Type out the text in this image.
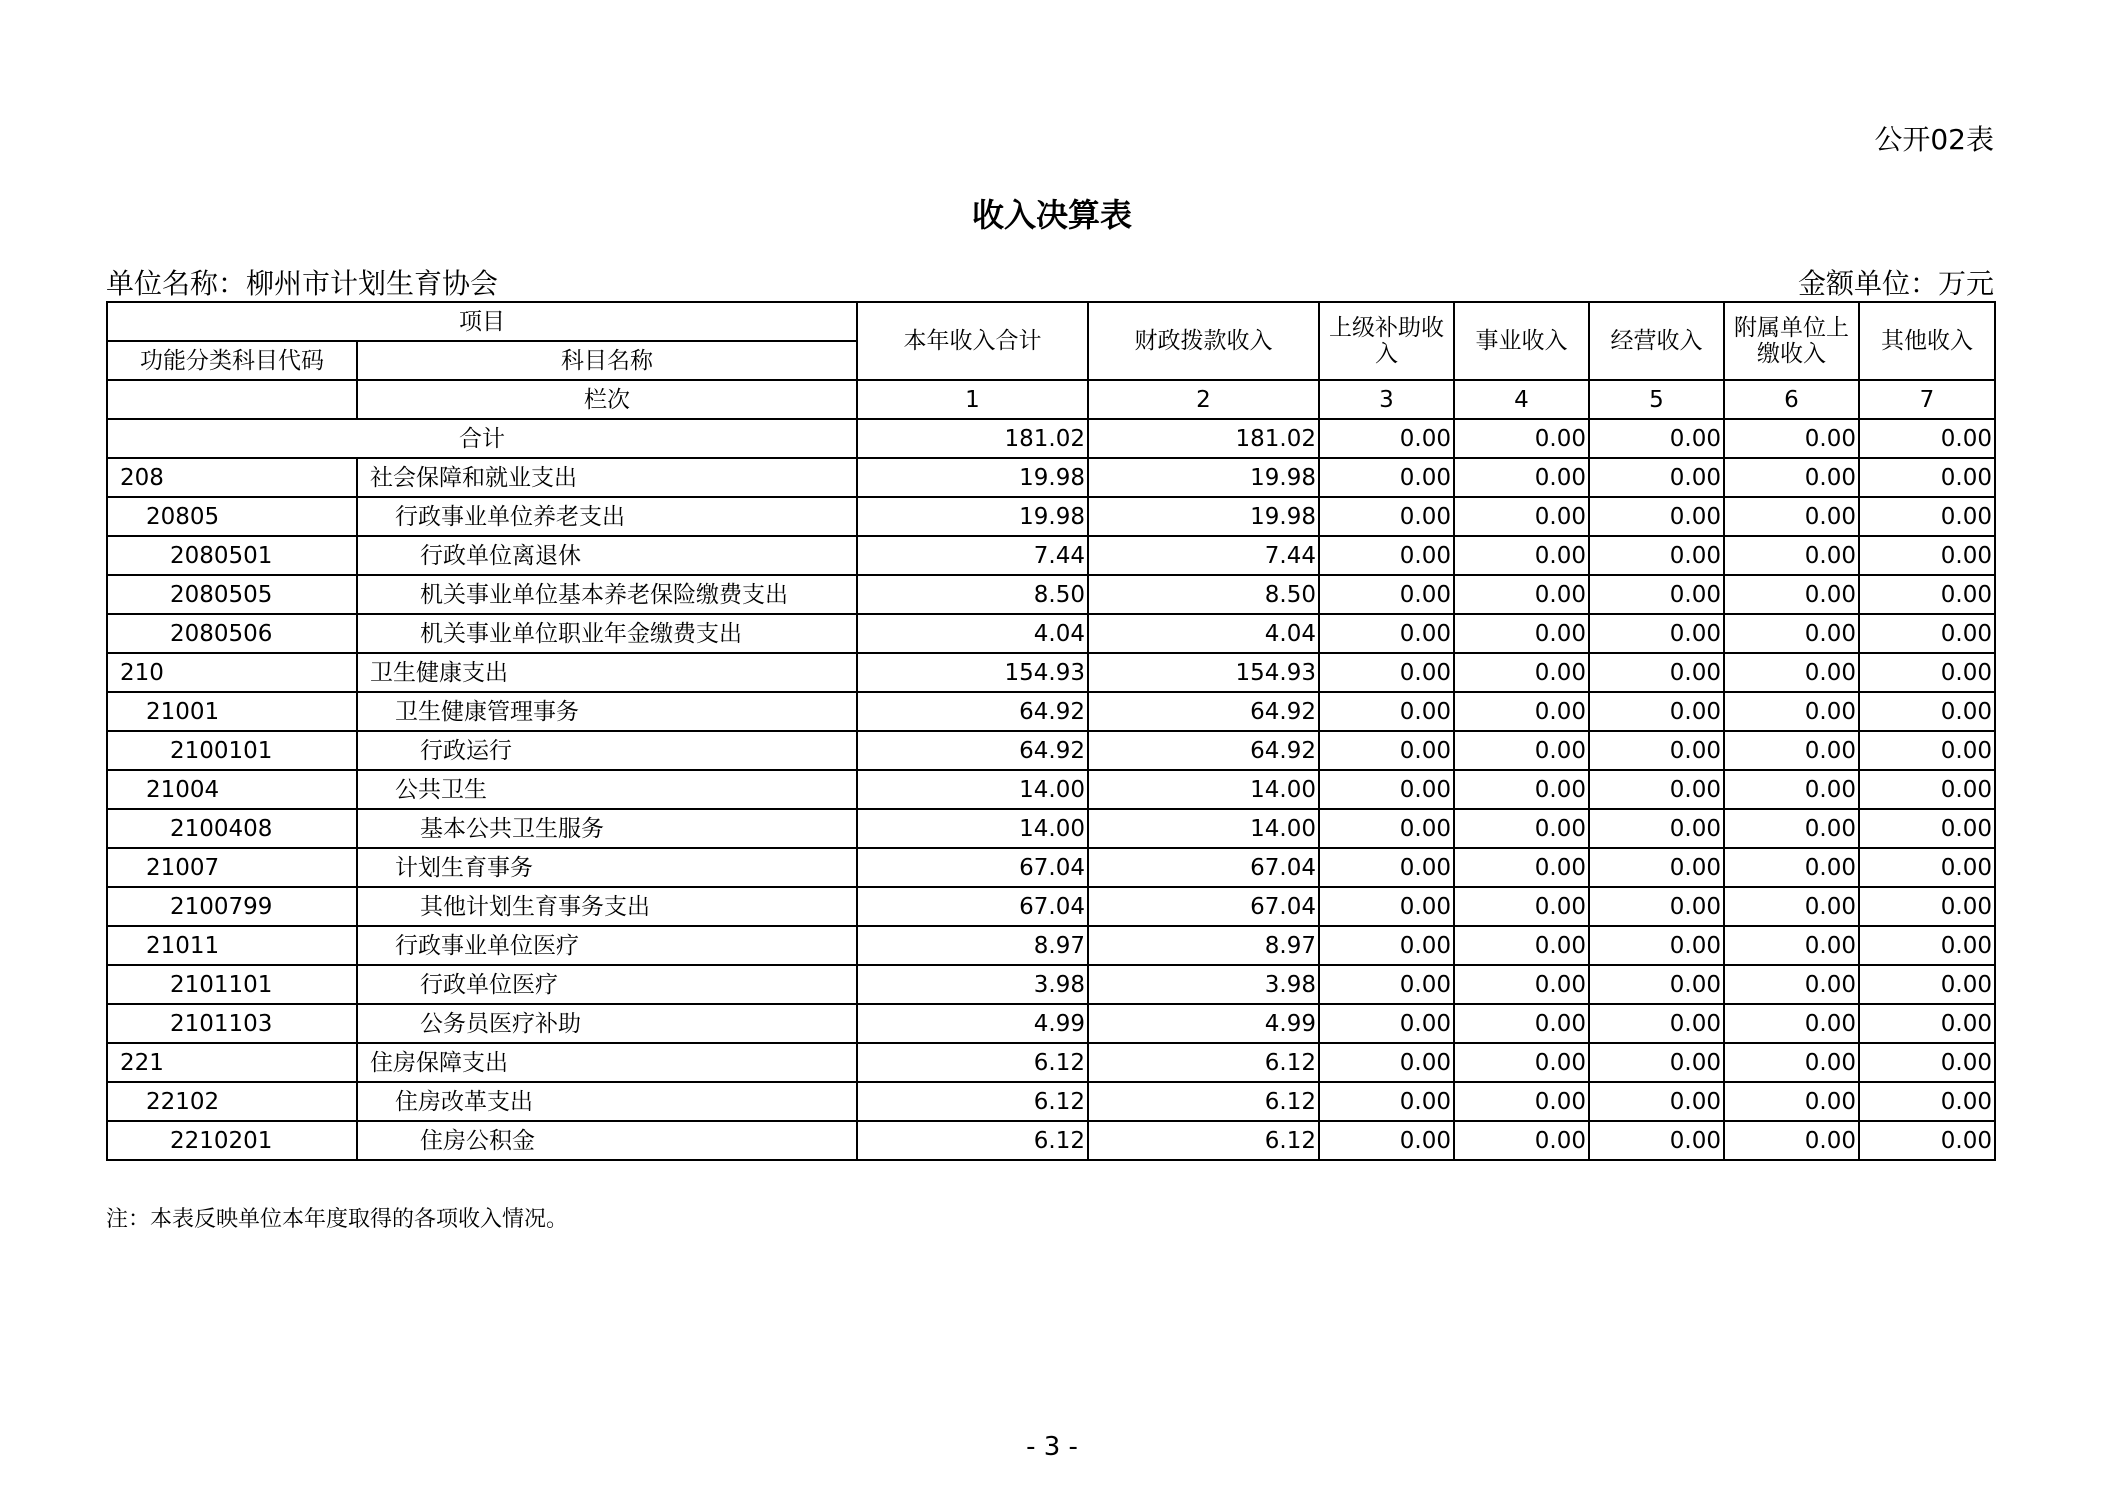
公开02表
收入决算表
单位名称：柳州市计划生育协会	金额单位：万元
项目		本年收入合计	财政拨款收入	上级补助收入	事业收入	经营收入	附属单位上缴收入	其他收入
功能分类科目代码	科目名称							
	栏次	1	2	3	4	5	6	7
合计		181.02	181.02	0.00	0.00	0.00	0.00	0.00
208	社会保障和就业支出	19.98	19.98	0.00	0.00	0.00	0.00	0.00
20805	行政事业单位养老支出	19.98	19.98	0.00	0.00	0.00	0.00	0.00
2080501	行政单位离退休	7.44	7.44	0.00	0.00	0.00	0.00	0.00
2080505	机关事业单位基本养老保险缴费支出	8.50	8.50	0.00	0.00	0.00	0.00	0.00
2080506	机关事业单位职业年金缴费支出	4.04	4.04	0.00	0.00	0.00	0.00	0.00
210	卫生健康支出	154.93	154.93	0.00	0.00	0.00	0.00	0.00
21001	卫生健康管理事务	64.92	64.92	0.00	0.00	0.00	0.00	0.00
2100101	行政运行	64.92	64.92	0.00	0.00	0.00	0.00	0.00
21004	公共卫生	14.00	14.00	0.00	0.00	0.00	0.00	0.00
2100408	基本公共卫生服务	14.00	14.00	0.00	0.00	0.00	0.00	0.00
21007	计划生育事务	67.04	67.04	0.00	0.00	0.00	0.00	0.00
2100799	其他计划生育事务支出	67.04	67.04	0.00	0.00	0.00	0.00	0.00
21011	行政事业单位医疗	8.97	8.97	0.00	0.00	0.00	0.00	0.00
2101101	行政单位医疗	3.98	3.98	0.00	0.00	0.00	0.00	0.00
2101103	公务员医疗补助	4.99	4.99	0.00	0.00	0.00	0.00	0.00
221	住房保障支出	6.12	6.12	0.00	0.00	0.00	0.00	0.00
22102	住房改革支出	6.12	6.12	0.00	0.00	0.00	0.00	0.00
2210201	住房公积金	6.12	6.12	0.00	0.00	0.00	0.00	0.00
注：本表反映单位本年度取得的各项收入情况。
- 3 -
